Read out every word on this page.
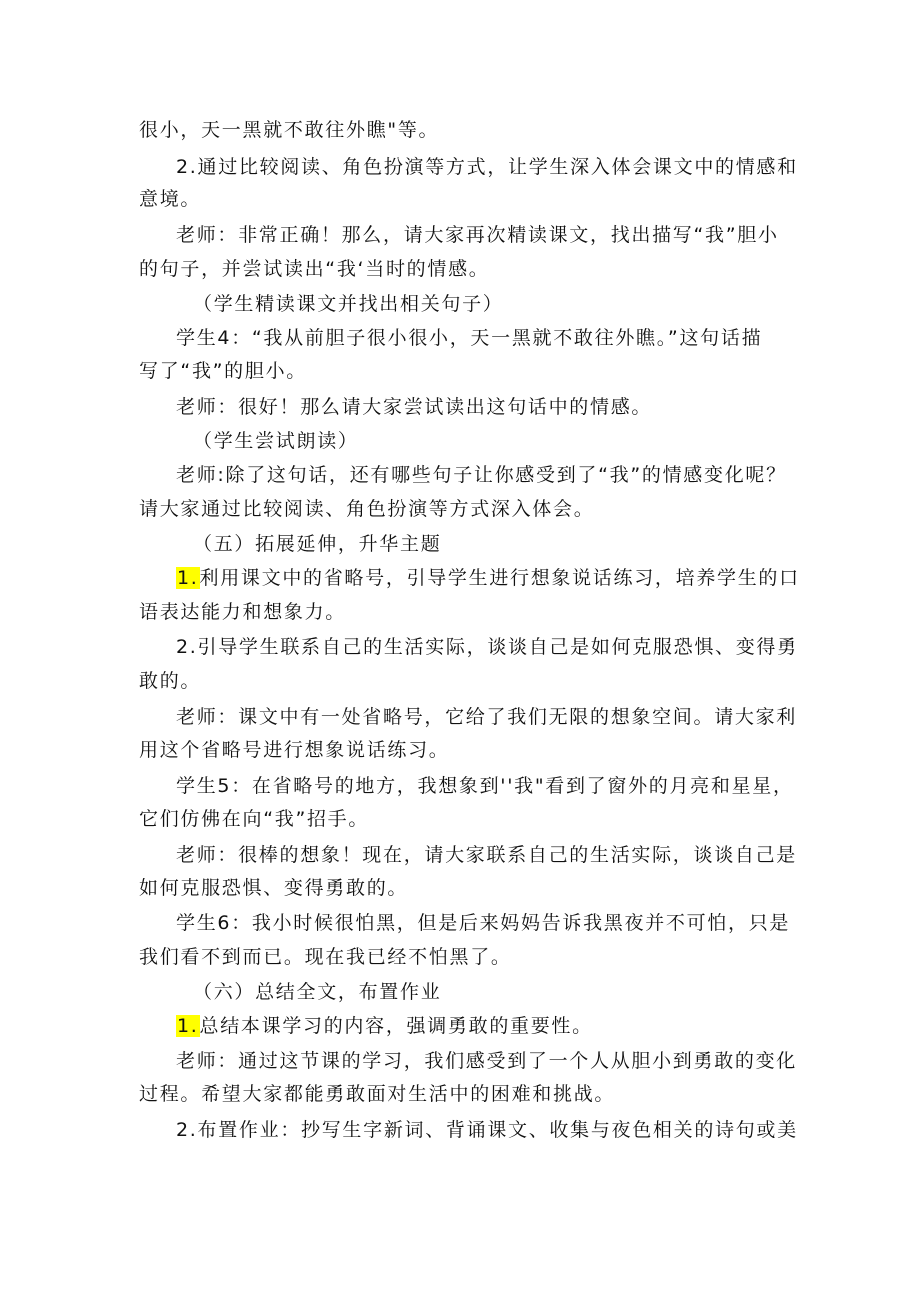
很小，天一黑就不敢往外瞧"等。
2.通过比较阅读、角色扮演等方式，让学生深入体会课文中的情感和
意境。
老师：非常正确！那么，请大家再次精读课文，找出描写“我”胆小
的句子，并尝试读出“我‘当时的情感。
（学生精读课文并找出相关句子）
学生4：“我从前胆子很小很小，天一黑就不敢往外瞧。”这句话描
写了“我”的胆小。
老师：很好！那么请大家尝试读出这句话中的情感。
（学生尝试朗读）
老师:除了这句话，还有哪些句子让你感受到了“我”的情感变化呢？
请大家通过比较阅读、角色扮演等方式深入体会。
（五）拓展延伸，升华主题
1.利用课文中的省略号，引导学生进行想象说话练习，培养学生的口
语表达能力和想象力。
2.引导学生联系自己的生活实际，谈谈自己是如何克服恐惧、变得勇
敢的。
老师：课文中有一处省略号，它给了我们无限的想象空间。请大家利
用这个省略号进行想象说话练习。
学生5：在省略号的地方，我想象到''我"看到了窗外的月亮和星星，
它们仿佛在向“我”招手。
老师：很棒的想象！现在，请大家联系自己的生活实际，谈谈自己是
如何克服恐惧、变得勇敢的。
学生6：我小时候很怕黑，但是后来妈妈告诉我黑夜并不可怕，只是
我们看不到而已。现在我已经不怕黑了。
（六）总结全文，布置作业
1.总结本课学习的内容，强调勇敢的重要性。
老师：通过这节课的学习，我们感受到了一个人从胆小到勇敢的变化
过程。希望大家都能勇敢面对生活中的困难和挑战。
2.布置作业：抄写生字新词、背诵课文、收集与夜色相关的诗句或美
